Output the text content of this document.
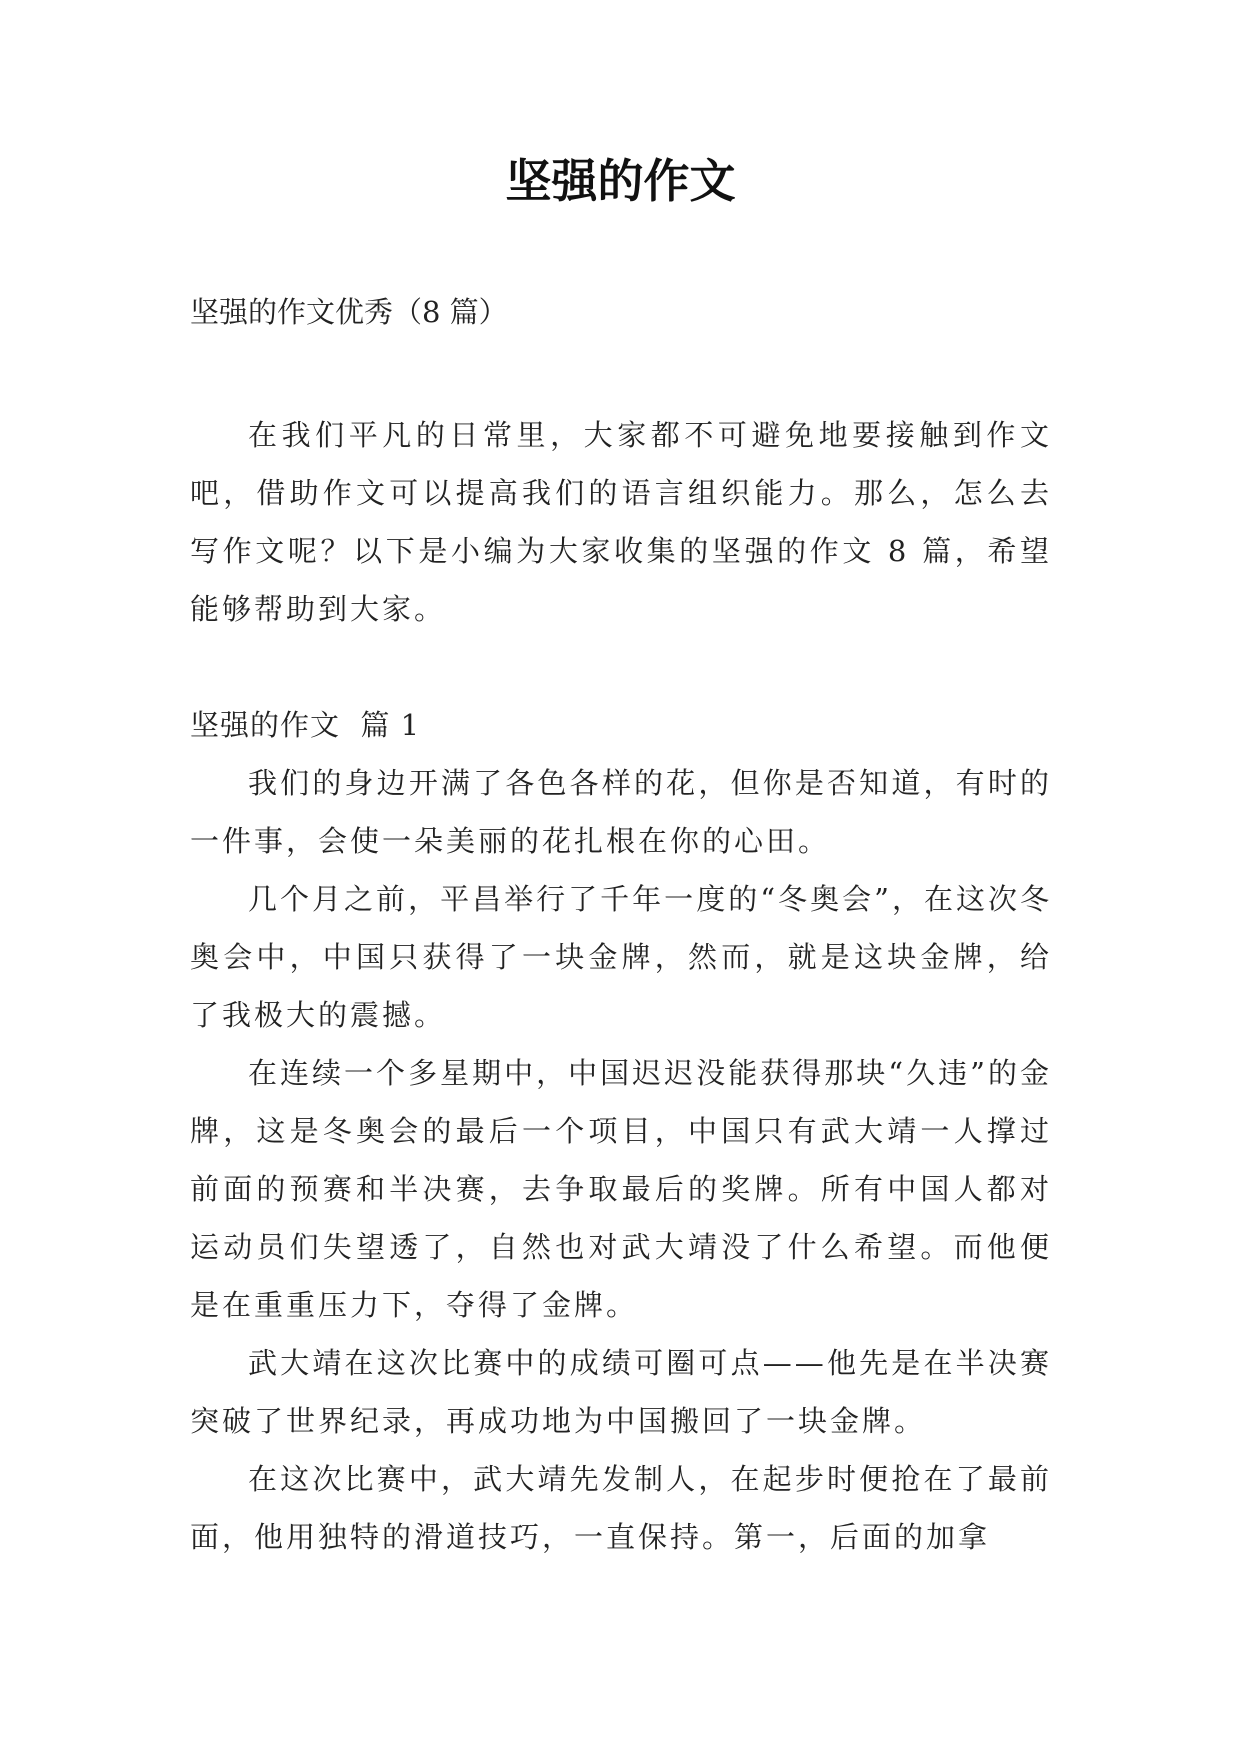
坚强的作文
坚强的作文优秀（8 篇）

在我们平凡的日常里，大家都不可避免地要接触到作文吧，借助作文可以提高我们的语言组织能力。那么，怎么去写作文呢？以下是小编为大家收集的坚强的作文 8 篇，希望能够帮助到大家。

坚强的作文  篇 1

我们的身边开满了各色各样的花，但你是否知道，有时的一件事，会使一朵美丽的花扎根在你的心田。

几个月之前，平昌举行了千年一度的“冬奥会”，在这次冬奥会中，中国只获得了一块金牌，然而，就是这块金牌，给了我极大的震撼。

在连续一个多星期中，中国迟迟没能获得那块“久违”的金牌，这是冬奥会的最后一个项目，中国只有武大靖一人撑过前面的预赛和半决赛，去争取最后的奖牌。所有中国人都对运动员们失望透了，自然也对武大靖没了什么希望。而他便是在重重压力下，夺得了金牌。

武大靖在这次比赛中的成绩可圈可点——他先是在半决赛突破了世界纪录，再成功地为中国搬回了一块金牌。

在这次比赛中，武大靖先发制人，在起步时便抢在了最前面，他用独特的滑道技巧，一直保持。第一，后面的加拿
